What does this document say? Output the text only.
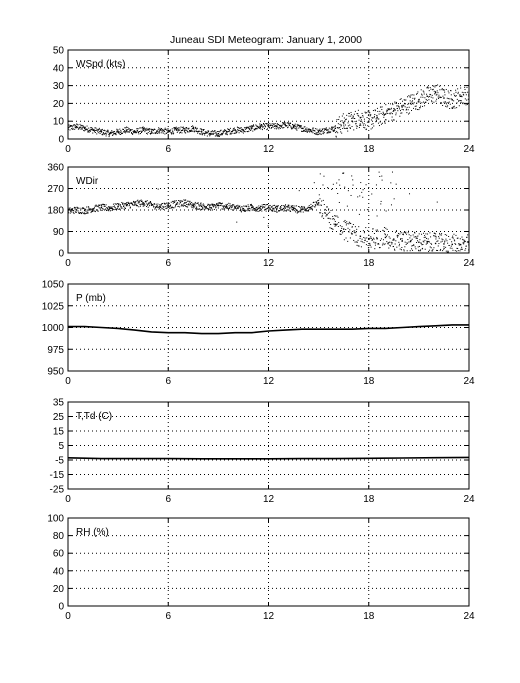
Juneau SDI Meteogram: January 1, 2000
0	6	12	18	24
0
10
20
30
40
50
WSpd (kts)
0	6	12	18	24
0
90
180
270
360
WDir
0	6	12	18	24
950
975
1000
1025
1050
P (mb)
0	6	12	18	24
-25
-15
-5
5
15
25
35
T,Td (C)
0	6	12	18	24
0
20
40
60
80
100
RH (%)
